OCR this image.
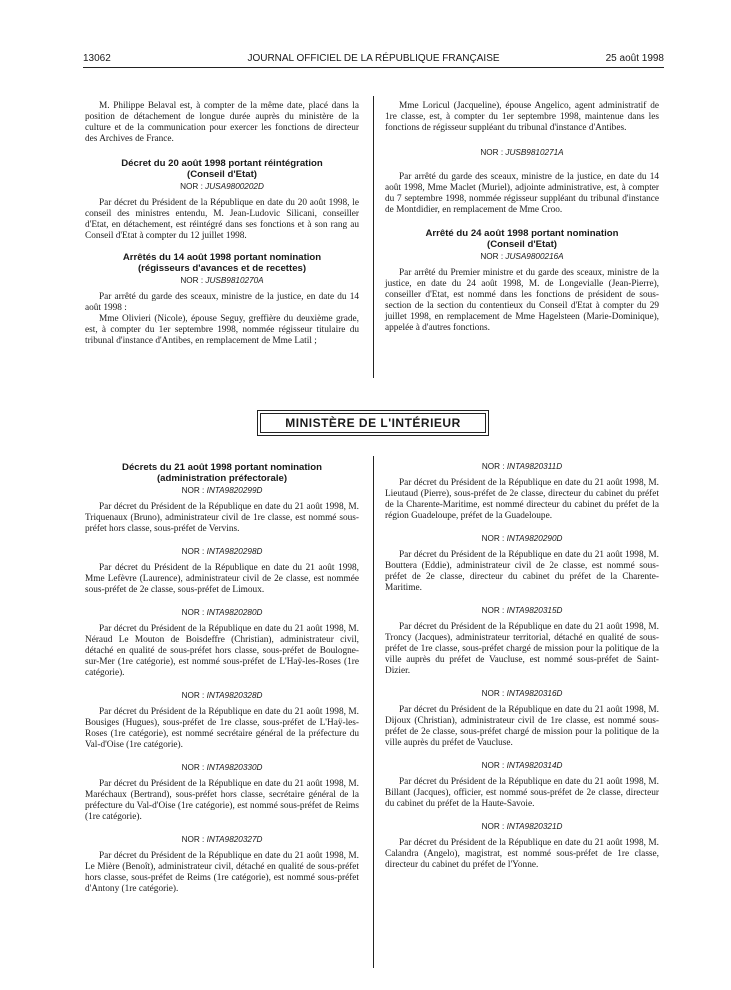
13062	JOURNAL OFFICIEL DE LA RÉPUBLIQUE FRANÇAISE	25 août 1998

M. Philippe Belaval est, à compter de la même date, placé dans la position de détachement de longue durée auprès du ministère de la culture et de la communication pour exercer les fonctions de directeur des Archives de France.

Décret du 20 août 1998 portant réintégration
(Conseil d'Etat)
NOR : JUSA9800202D

Par décret du Président de la République en date du 20 août 1998, le conseil des ministres entendu, M. Jean-Ludovic Silicani, conseiller d'Etat, en détachement, est réintégré dans ses fonctions et à son rang au Conseil d'Etat à compter du 12 juillet 1998.

Arrêtés du 14 août 1998 portant nomination
(régisseurs d'avances et de recettes)
NOR : JUSB9810270A

Par arrêté du garde des sceaux, ministre de la justice, en date du 14 août 1998 :

Mme Olivieri (Nicole), épouse Seguy, greffière du deuxième grade, est, à compter du 1er septembre 1998, nommée régisseur titulaire du tribunal d'instance d'Antibes, en remplacement de Mme Latil ;

Mme Loricul (Jacqueline), épouse Angelico, agent administratif de 1re classe, est, à compter du 1er septembre 1998, maintenue dans les fonctions de régisseur suppléant du tribunal d'instance d'Antibes.

NOR : JUSB9810271A

Par arrêté du garde des sceaux, ministre de la justice, en date du 14 août 1998, Mme Maclet (Muriel), adjointe administrative, est, à compter du 7 septembre 1998, nommée régisseur suppléant du tribunal d'instance de Montdidier, en remplacement de Mme Croo.

Arrêté du 24 août 1998 portant nomination
(Conseil d'Etat)
NOR : JUSA9800216A

Par arrêté du Premier ministre et du garde des sceaux, ministre de la justice, en date du 24 août 1998, M. de Longevialle (Jean-Pierre), conseiller d'Etat, est nommé dans les fonctions de président de sous-section de la section du contentieux du Conseil d'Etat à compter du 29 juillet 1998, en remplacement de Mme Hagelsteen (Marie-Dominique), appelée à d'autres fonctions.

MINISTÈRE DE L'INTÉRIEUR
Décrets du 21 août 1998 portant nomination
(administration préfectorale)
NOR : INTA9820299D

Par décret du Président de la République en date du 21 août 1998, M. Triquenaux (Bruno), administrateur civil de 1re classe, est nommé sous-préfet hors classe, sous-préfet de Vervins.

NOR : INTA9820298D

Par décret du Président de la République en date du 21 août 1998, Mme Lefèvre (Laurence), administrateur civil de 2e classe, est nommée sous-préfet de 2e classe, sous-préfet de Limoux.

NOR : INTA9820280D

Par décret du Président de la République en date du 21 août 1998, M. Néraud Le Mouton de Boisdeffre (Christian), administrateur civil, détaché en qualité de sous-préfet hors classe, sous-préfet de Boulogne-sur-Mer (1re catégorie), est nommé sous-préfet de L'Haÿ-les-Roses (1re catégorie).

NOR : INTA9820328D

Par décret du Président de la République en date du 21 août 1998, M. Bousiges (Hugues), sous-préfet de 1re classe, sous-préfet de L'Haÿ-les-Roses (1re catégorie), est nommé secrétaire général de la préfecture du Val-d'Oise (1re catégorie).

NOR : INTA9820330D

Par décret du Président de la République en date du 21 août 1998, M. Maréchaux (Bertrand), sous-préfet hors classe, secrétaire général de la préfecture du Val-d'Oise (1re catégorie), est nommé sous-préfet de Reims (1re catégorie).

NOR : INTA9820327D

Par décret du Président de la République en date du 21 août 1998, M. Le Mière (Benoît), administrateur civil, détaché en qualité de sous-préfet hors classe, sous-préfet de Reims (1re catégorie), est nommé sous-préfet d'Antony (1re catégorie).

NOR : INTA9820311D

Par décret du Président de la République en date du 21 août 1998, M. Lieutaud (Pierre), sous-préfet de 2e classe, directeur du cabinet du préfet de la Charente-Maritime, est nommé directeur du cabinet du préfet de la région Guadeloupe, préfet de la Guadeloupe.

NOR : INTA9820290D

Par décret du Président de la République en date du 21 août 1998, M. Bouttera (Eddie), administrateur civil de 2e classe, est nommé sous-préfet de 2e classe, directeur du cabinet du préfet de la Charente-Maritime.

NOR : INTA9820315D

Par décret du Président de la République en date du 21 août 1998, M. Troncy (Jacques), administrateur territorial, détaché en qualité de sous-préfet de 1re classe, sous-préfet chargé de mission pour la politique de la ville auprès du préfet de Vaucluse, est nommé sous-préfet de Saint-Dizier.

NOR : INTA9820316D

Par décret du Président de la République en date du 21 août 1998, M. Dijoux (Christian), administrateur civil de 1re classe, est nommé sous-préfet de 2e classe, sous-préfet chargé de mission pour la politique de la ville auprès du préfet de Vaucluse.

NOR : INTA9820314D

Par décret du Président de la République en date du 21 août 1998, M. Billant (Jacques), officier, est nommé sous-préfet de 2e classe, directeur du cabinet du préfet de la Haute-Savoie.

NOR : INTA9820321D

Par décret du Président de la République en date du 21 août 1998, M. Calandra (Angelo), magistrat, est nommé sous-préfet de 1re classe, directeur du cabinet du préfet de l'Yonne.
